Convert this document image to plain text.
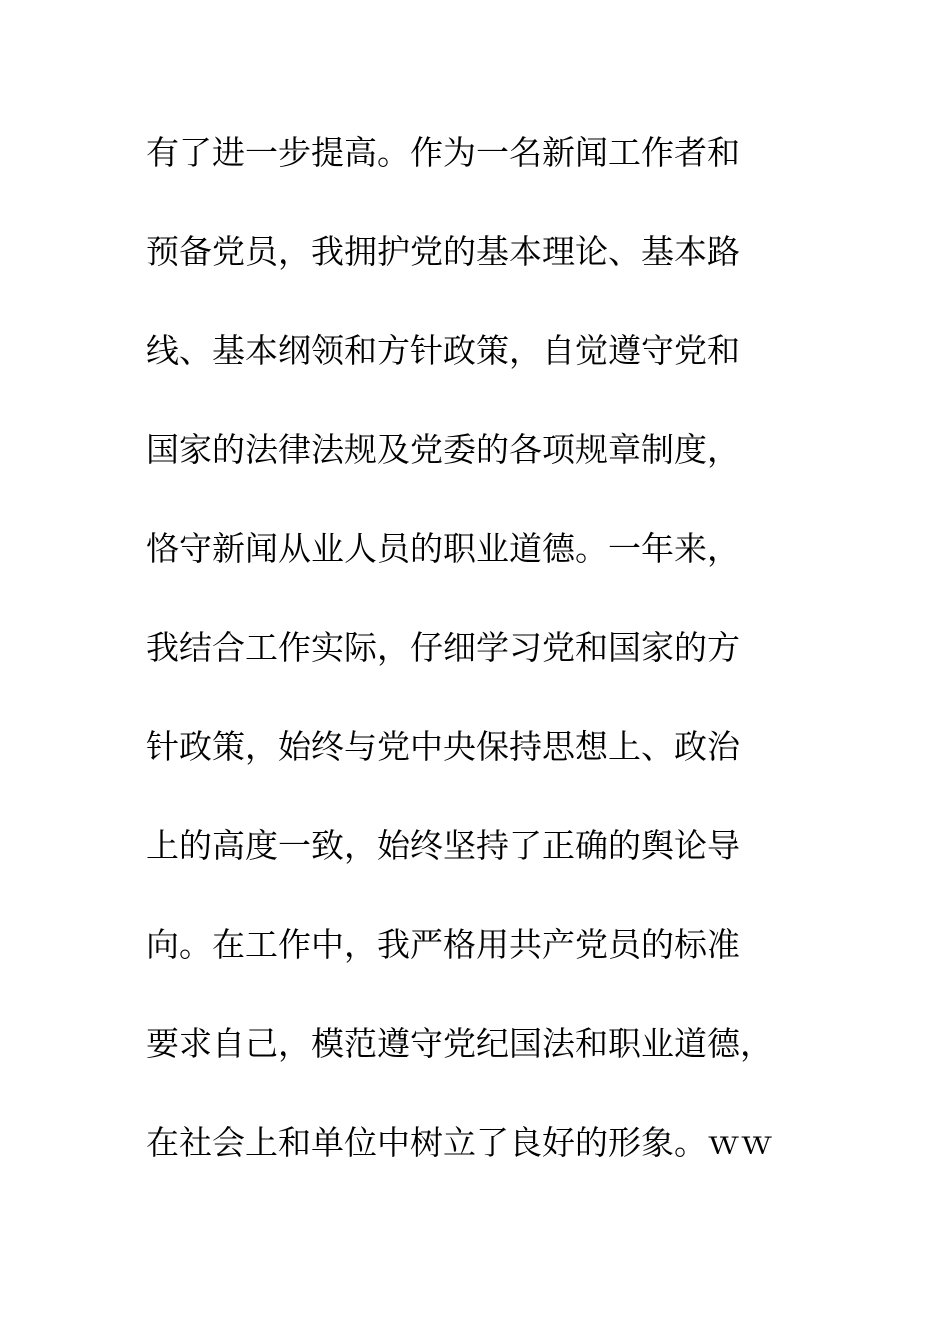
有了进一步提高。作为一名新闻工作者和
预备党员，我拥护党的基本理论、基本路
线、基本纲领和方针政策，自觉遵守党和
国家的法律法规及党委的各项规章制度，
恪守新闻从业人员的职业道德。一年来，
我结合工作实际，仔细学习党和国家的方
针政策，始终与党中央保持思想上、政治
上的高度一致，始终坚持了正确的舆论导
向。在工作中，我严格用共产党员的标准
要求自己，模范遵守党纪国法和职业道德，
在社会上和单位中树立了良好的形象。ｗｗ
